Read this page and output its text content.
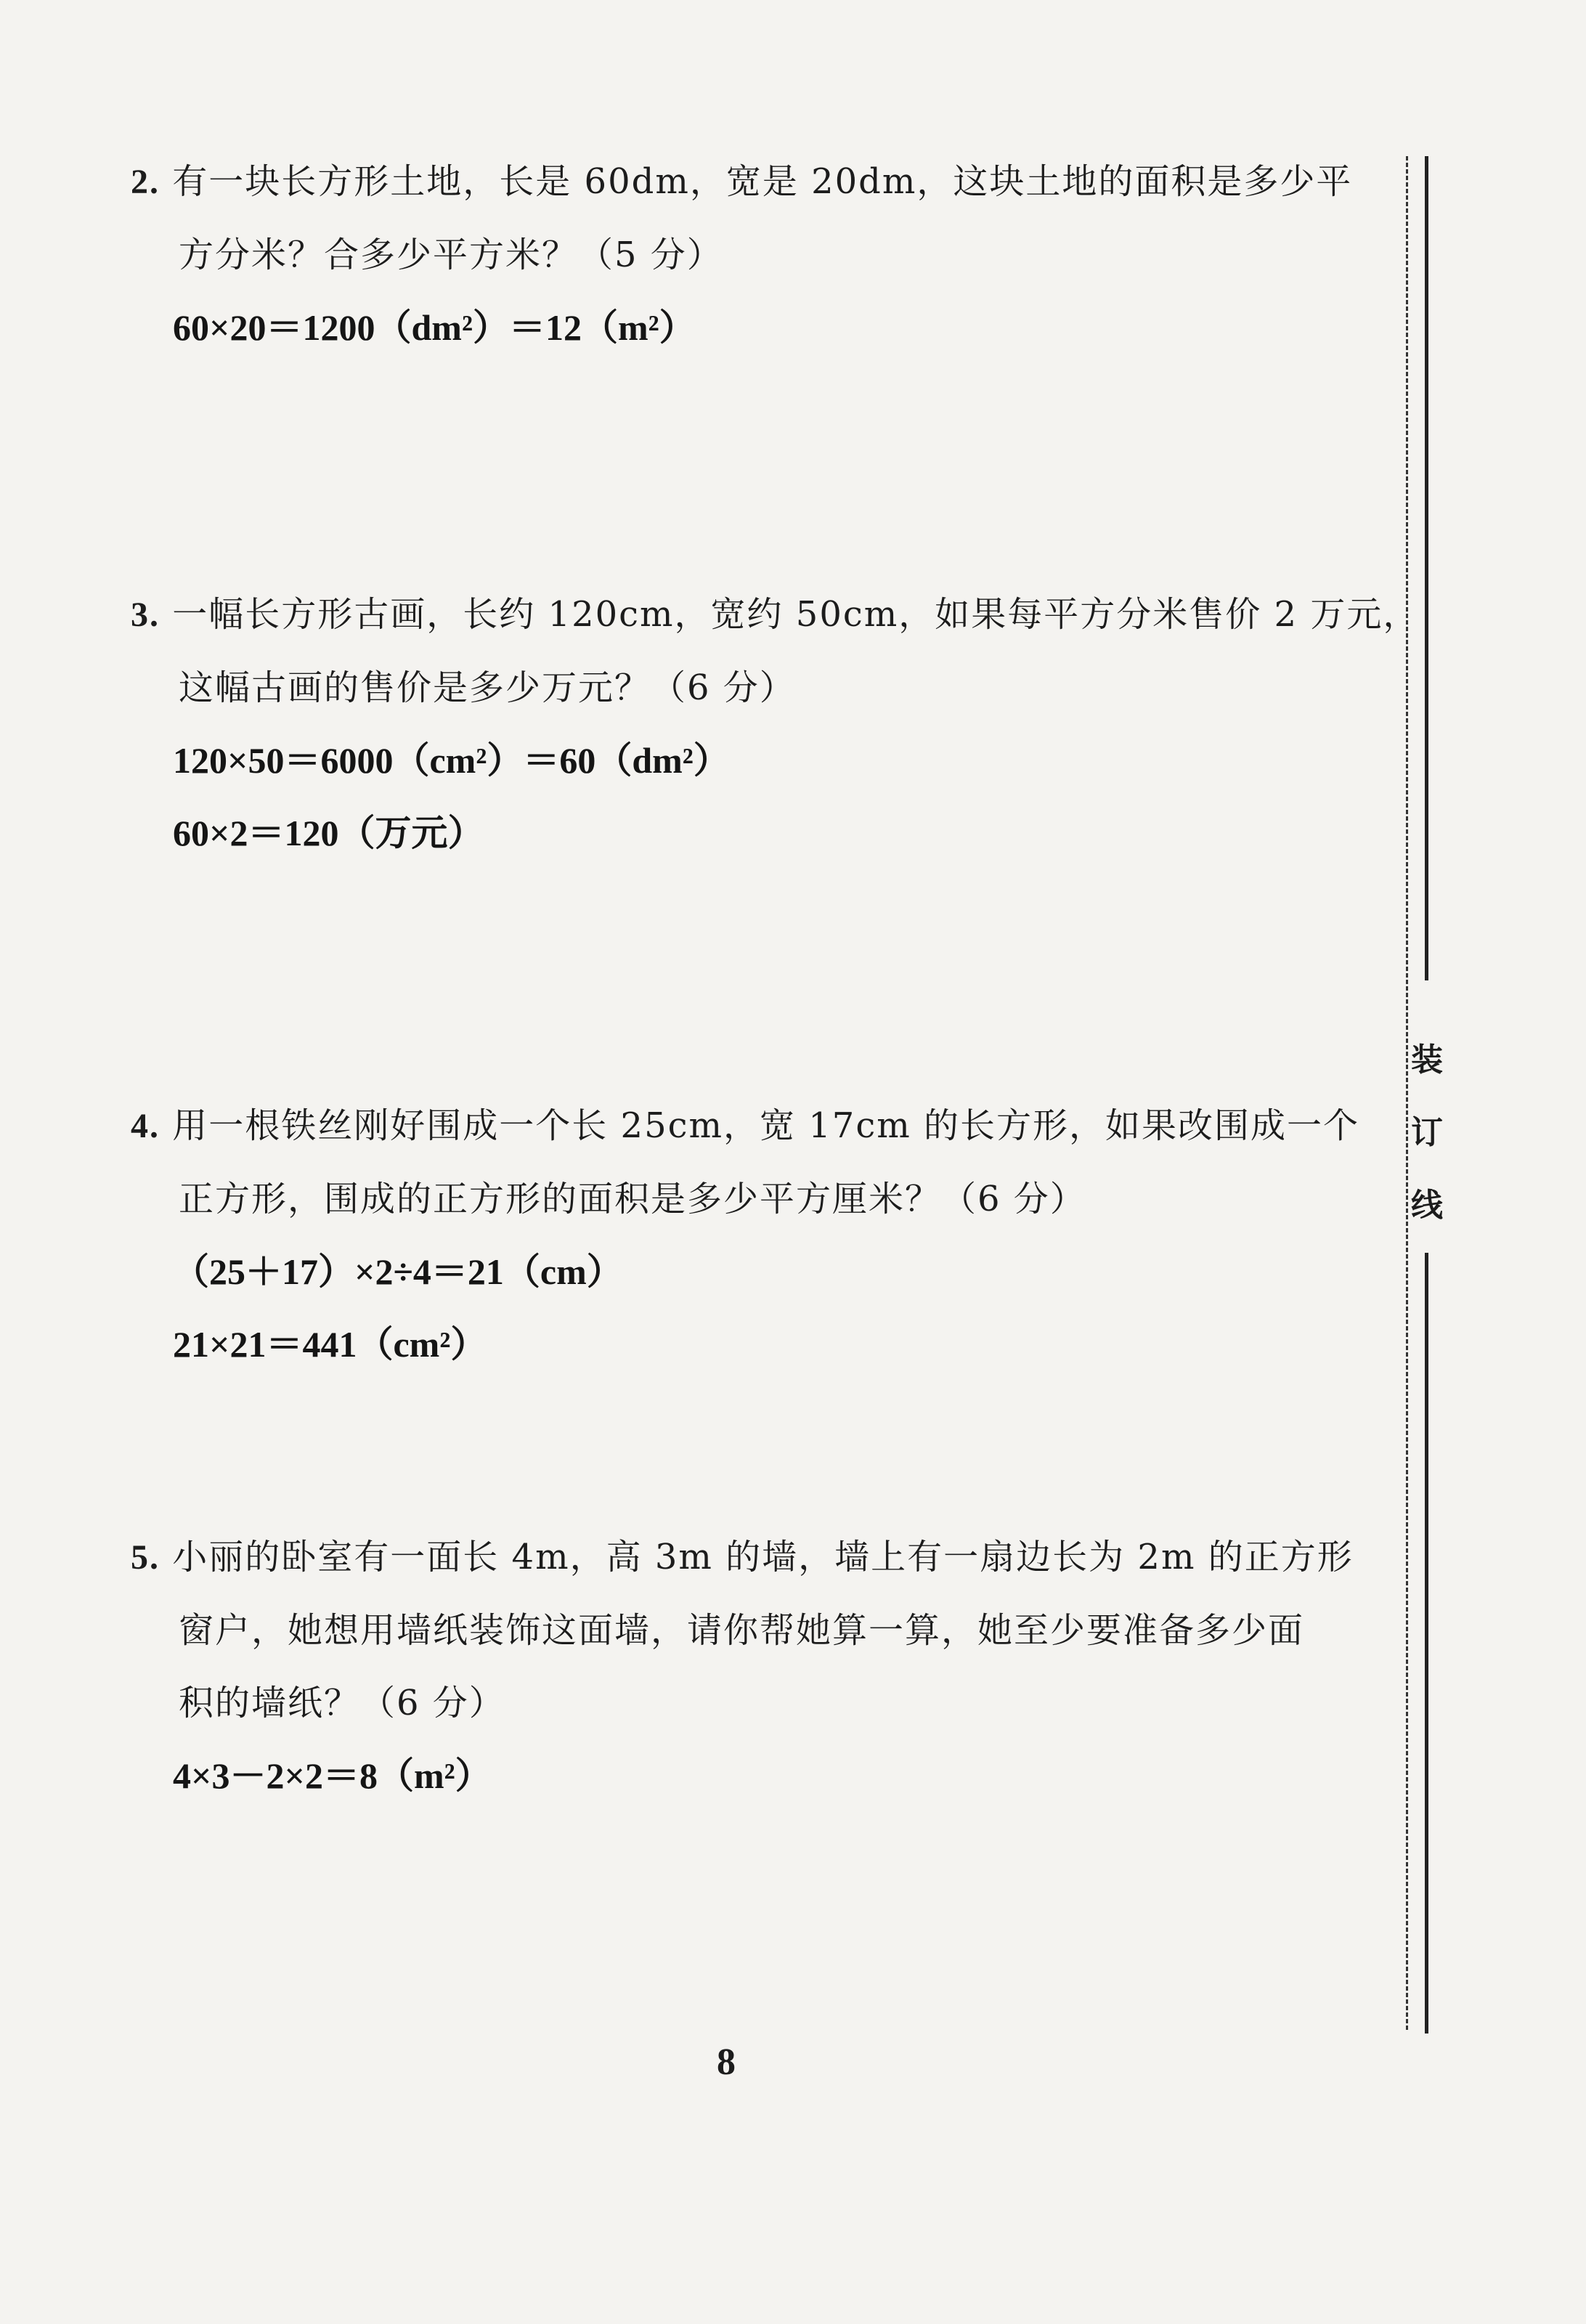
2. 有一块长方形土地，长是 60dm，宽是 20dm，这块土地的面积是多少平
方分米？合多少平方米？（5 分）
60×20＝1200（dm²）＝12（m²）
3. 一幅长方形古画，长约 120cm，宽约 50cm，如果每平方分米售价 2 万元，
这幅古画的售价是多少万元？（6 分）
120×50＝6000（cm²）＝60（dm²）
60×2＝120（万元）
4. 用一根铁丝刚好围成一个长 25cm，宽 17cm 的长方形，如果改围成一个
正方形，围成的正方形的面积是多少平方厘米？（6 分）
（25＋17）×2÷4＝21（cm）
21×21＝441（cm²）
5. 小丽的卧室有一面长 4m，高 3m 的墙，墙上有一扇边长为 2m 的正方形
窗户，她想用墙纸装饰这面墙，请你帮她算一算，她至少要准备多少面
积的墙纸？（6 分）
4×3－2×2＝8（m²）
8
装
订
线
